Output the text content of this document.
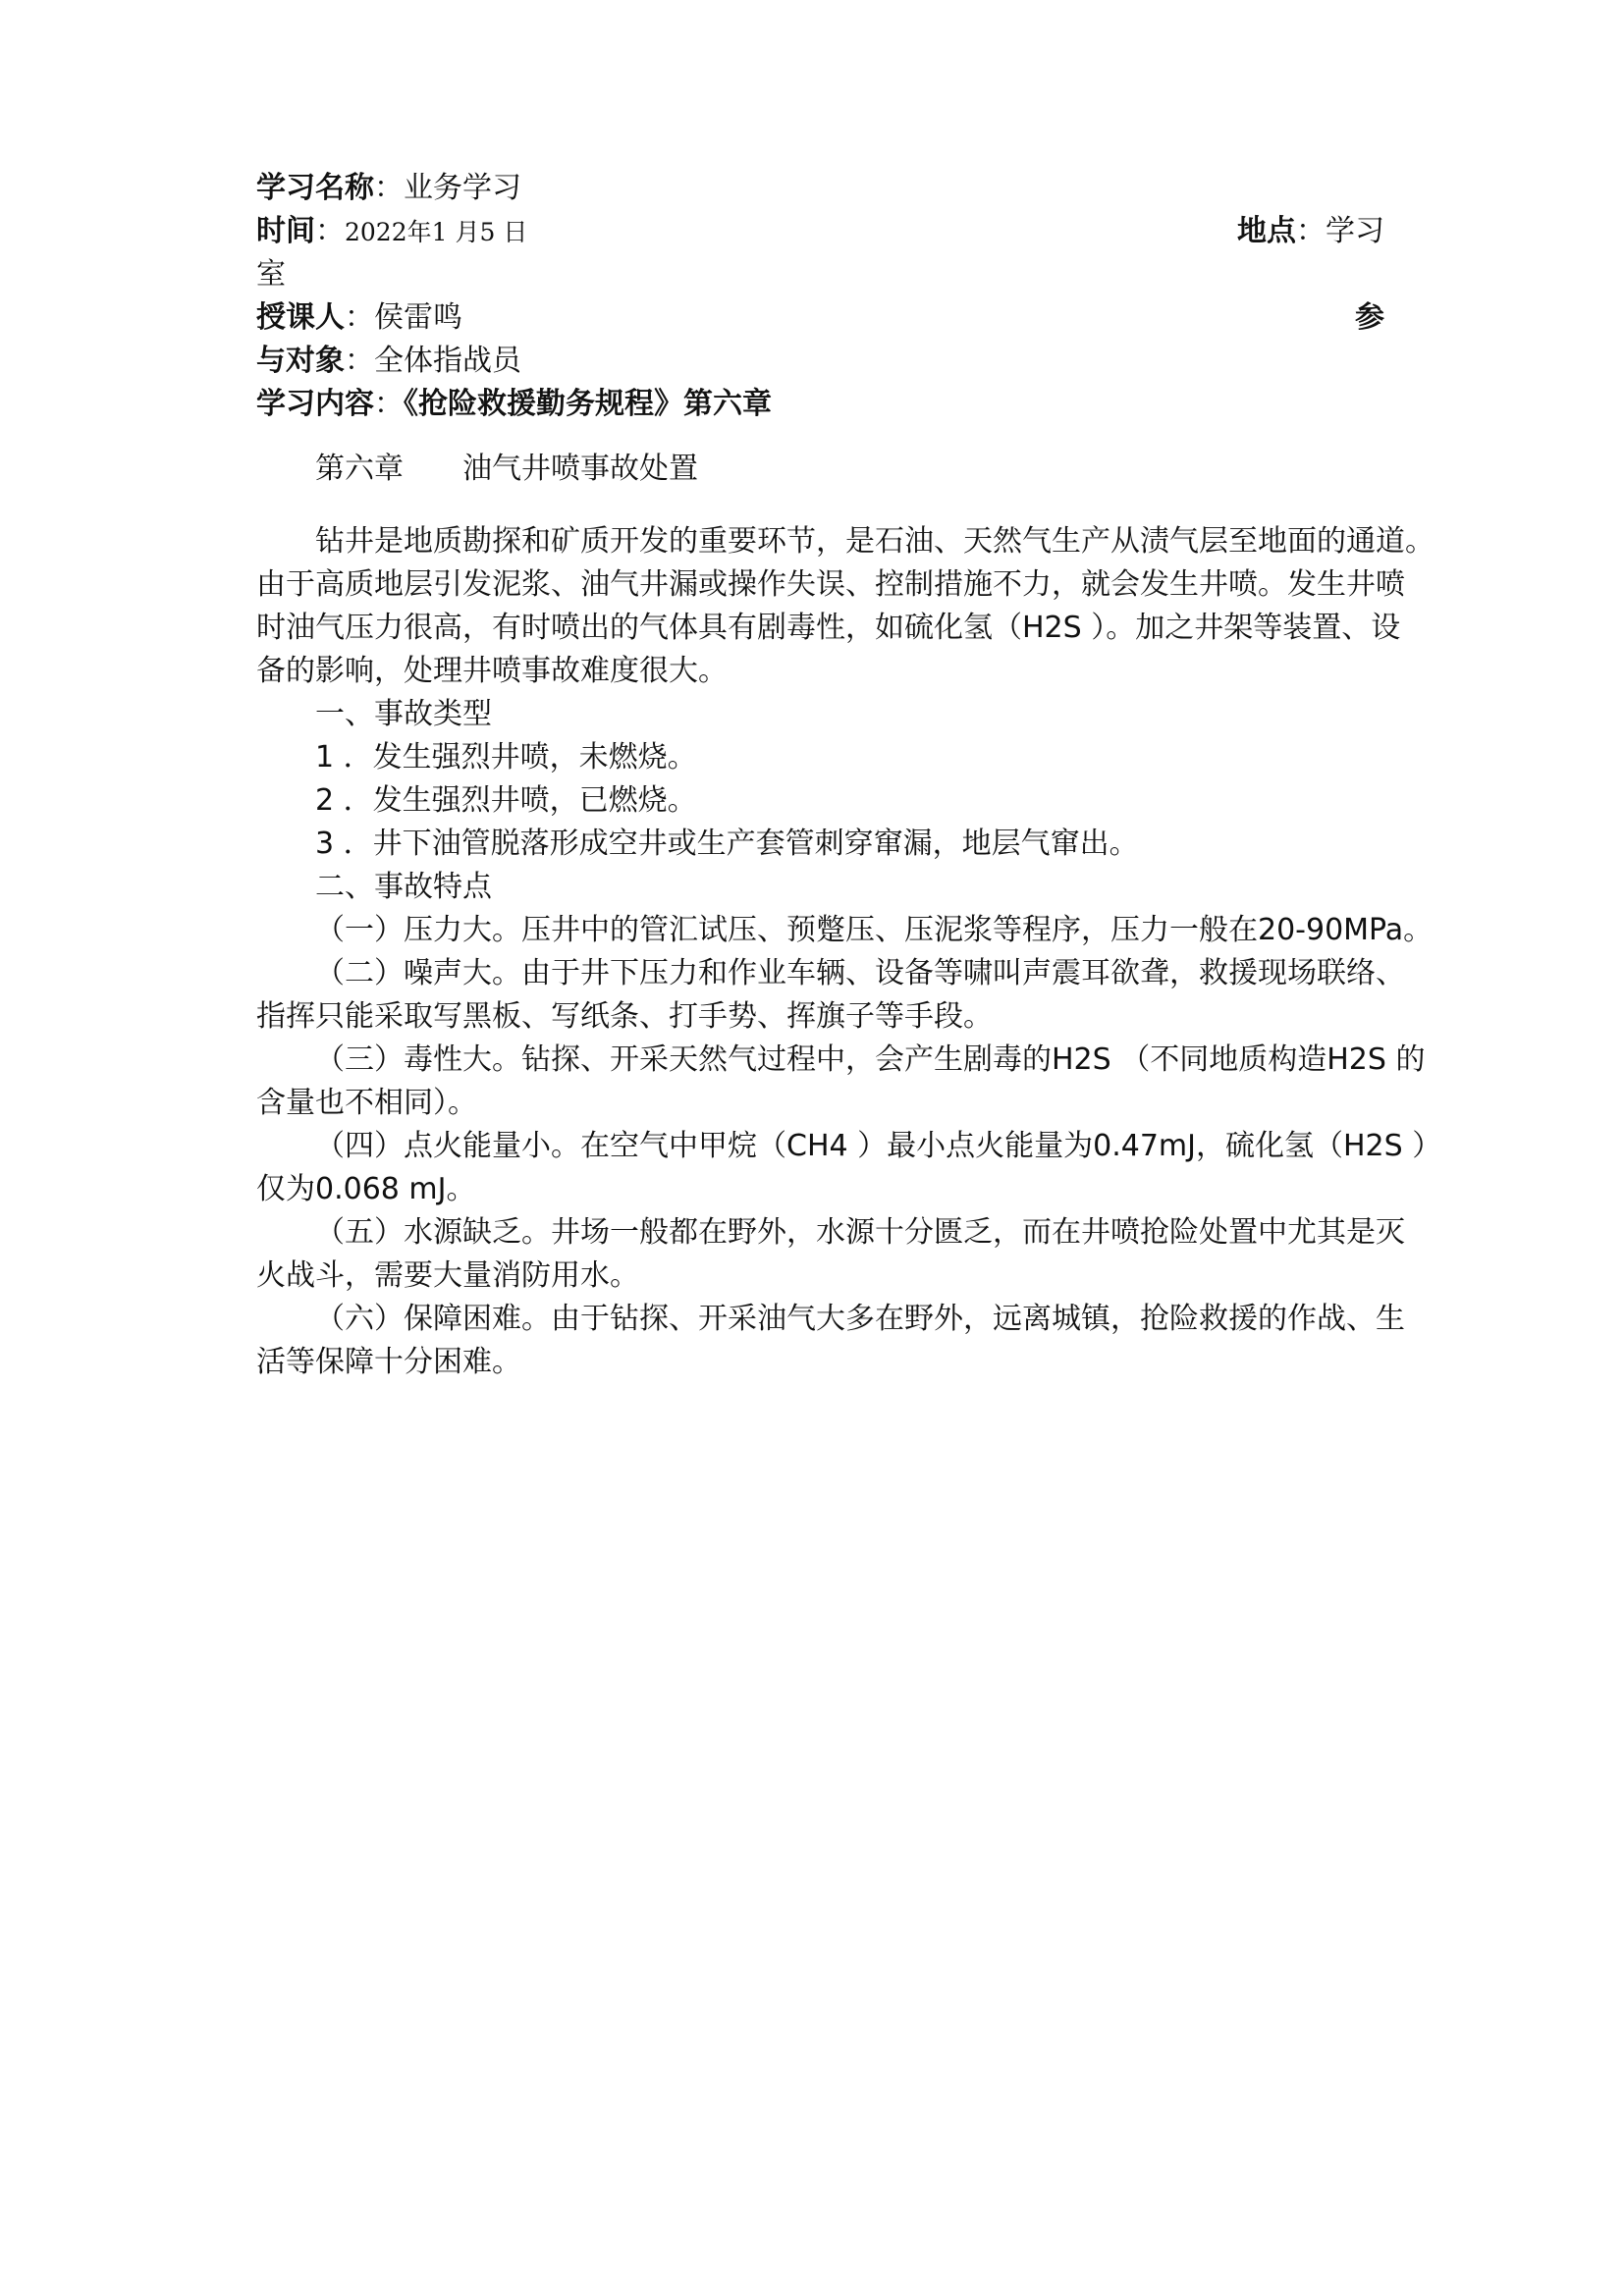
学习名称：业务学习
时间：2022年1 月5 日	地点：学习
室
授课人：侯雷鸣	参
与对象：全体指战员
学习内容：《抢险救援勤务规程》第六章
第六章 油气井喷事故处置
钻井是地质勘探和矿质开发的重要环节，是石油、天然气生产从渍气层至地面的通道。
由于高质地层引发泥浆、油气井漏或操作失误、控制措施不力，就会发生井喷。发生井喷
时油气压力很高，有时喷出的气体具有剧毒性，如硫化氢（H2S ）。加之井架等装置、设
备的影响，处理井喷事故难度很大。
一、事故类型
1 ．发生强烈井喷，未燃烧。
2 ．发生强烈井喷，已燃烧。
3 ．井下油管脱落形成空井或生产套管刺穿窜漏，地层气窜出。
二、事故特点
（一）压力大。压井中的管汇试压、预蹩压、压泥浆等程序，压力一般在20-90MPa。
（二）噪声大。由于井下压力和作业车辆、设备等啸叫声震耳欲聋，救援现场联络、
指挥只能采取写黑板、写纸条、打手势、挥旗子等手段。
（三）毒性大。钻探、开采天然气过程中，会产生剧毒的H2S （不同地质构造H2S 的
含量也不相同）。
（四）点火能量小。在空气中甲烷（CH4 ）最小点火能量为0.47mJ，硫化氢（H2S ）
仅为0.068 mJ。
（五）水源缺乏。井场一般都在野外，水源十分匮乏，而在井喷抢险处置中尤其是灭
火战斗，需要大量消防用水。
（六）保障困难。由于钻探、开采油气大多在野外，远离城镇，抢险救援的作战、生
活等保障十分困难。
